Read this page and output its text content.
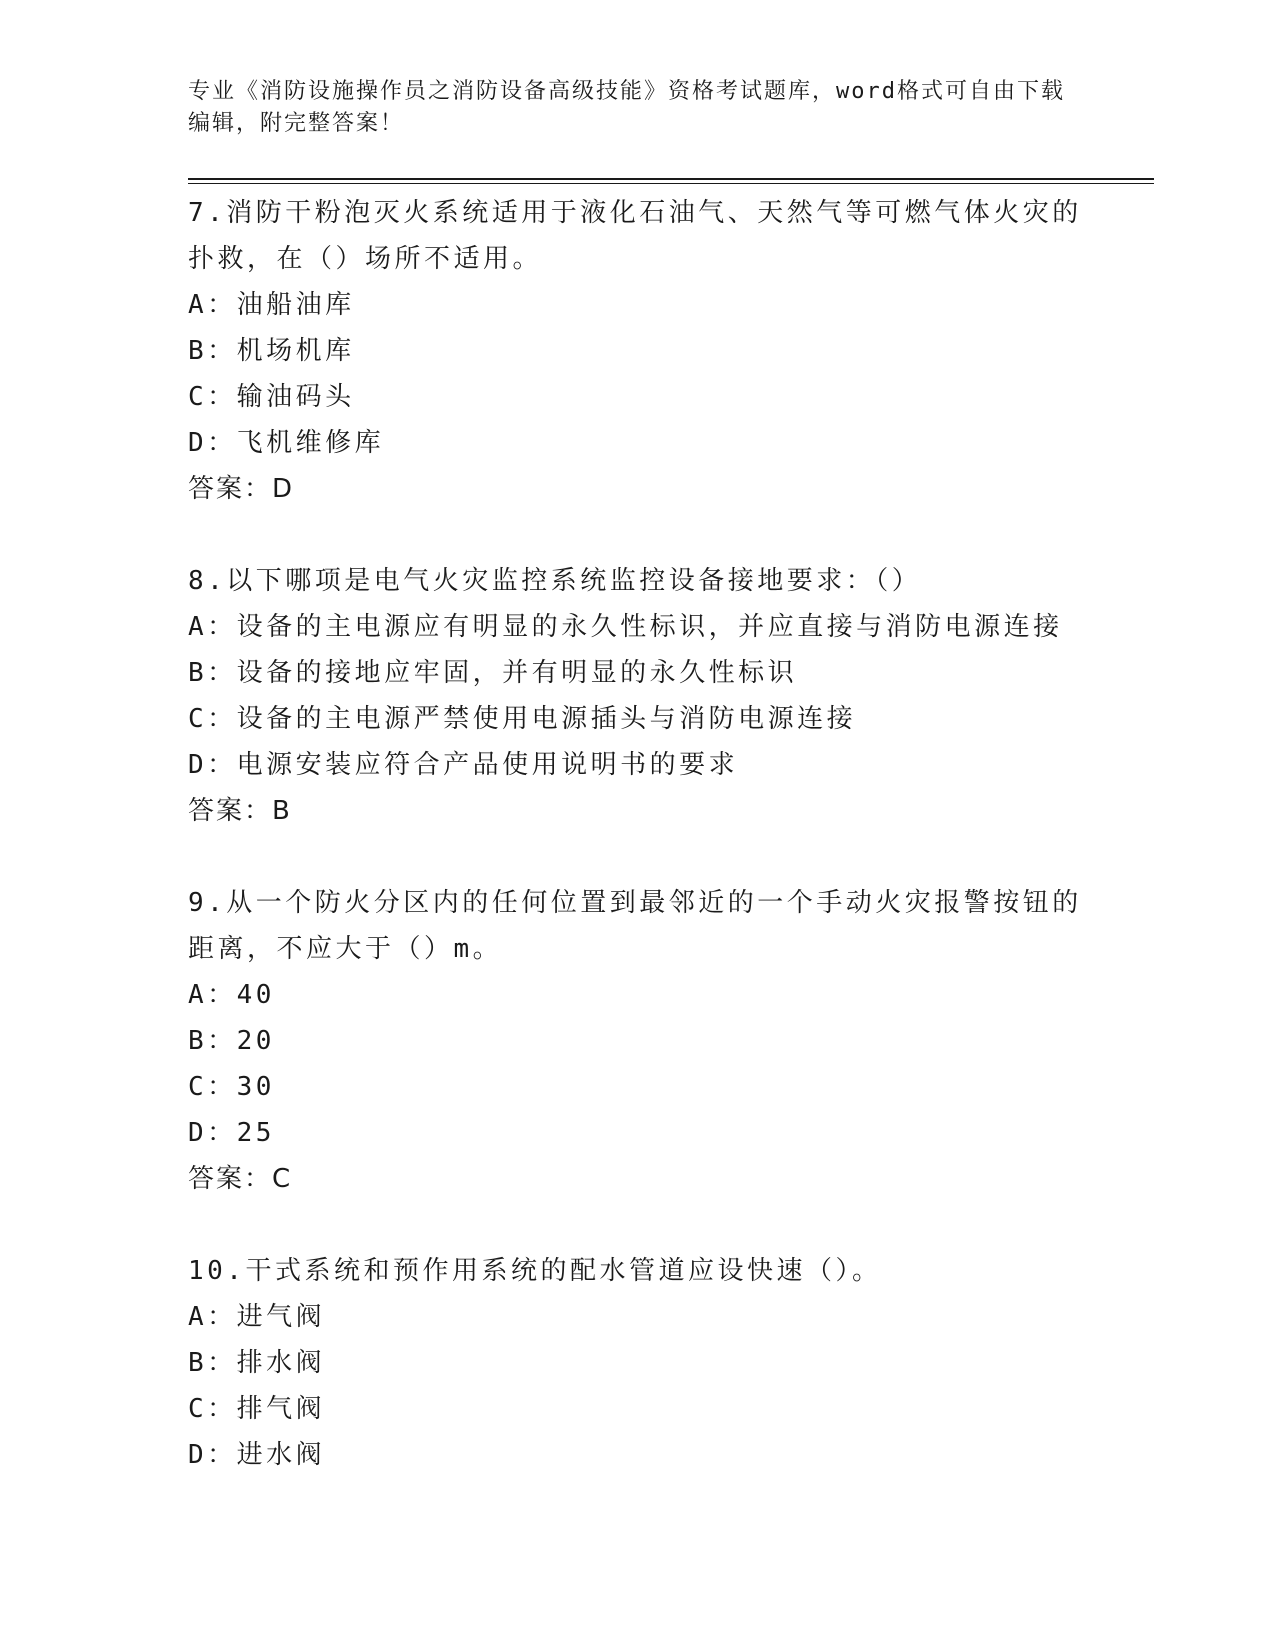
专业《消防设施操作员之消防设备高级技能》资格考试题库，word格式可自由下载编辑，附完整答案！
7.消防干粉泡灭火系统适用于液化石油气、天然气等可燃气体火灾的扑救，在（）场所不适用。
A：油船油库
B：机场机库
C：输油码头
D：飞机维修库
答案：D
8.以下哪项是电气火灾监控系统监控设备接地要求：（）
A：设备的主电源应有明显的永久性标识，并应直接与消防电源连接
B：设备的接地应牢固，并有明显的永久性标识
C：设备的主电源严禁使用电源插头与消防电源连接
D：电源安装应符合产品使用说明书的要求
答案：B
9.从一个防火分区内的任何位置到最邻近的一个手动火灾报警按钮的距离，不应大于（）m。
A：40
B：20
C：30
D：25
答案：C
10.干式系统和预作用系统的配水管道应设快速（）。
A：进气阀
B：排水阀
C：排气阀
D：进水阀
